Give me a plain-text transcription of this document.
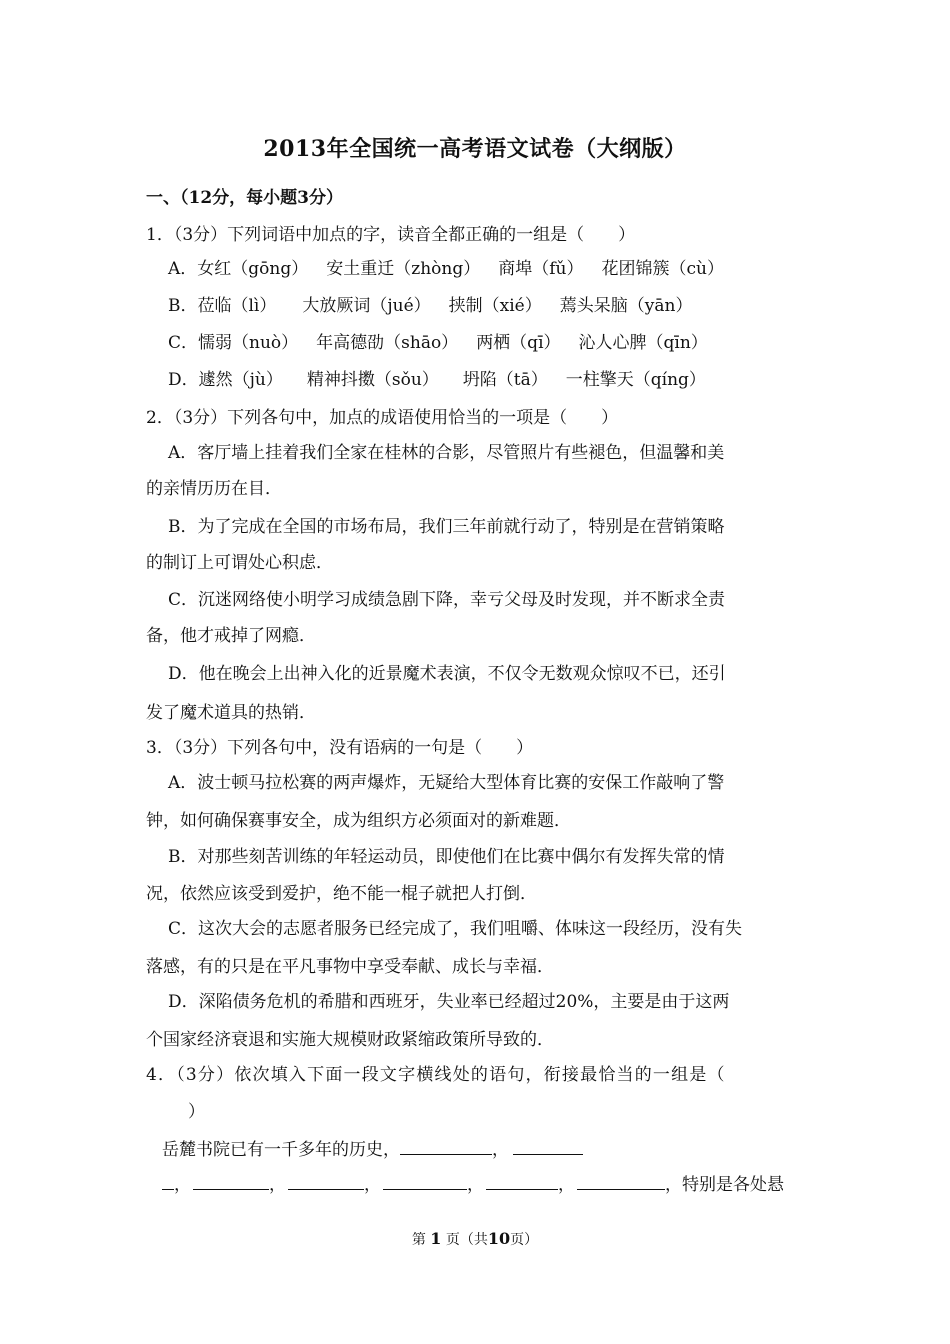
2013年全国统一高考语文试卷（大纲版）
一、（12分，每小题3分）
1．（3分）下列词语中加点的字，读音全都正确的一组是（　　）
A．女红（gōng） 安土重迁（zhòng） 商埠（fǔ） 花团锦簇（cù）
B．莅临（lì） 大放厥词（jué） 挟制（xié） 蔫头呆脑（yān）
C．懦弱（nuò） 年高德劭（shāo） 两栖（qī） 沁人心脾（qīn）
D．遽然（jù） 精神抖擞（sǒu） 坍陷（tā） 一柱擎天（qíng）
2．（3分）下列各句中，加点的成语使用恰当的一项是（　　）
A．客厅墙上挂着我们全家在桂林的合影，尽管照片有些褪色，但温馨和美
的亲情历历在目．
B．为了完成在全国的市场布局，我们三年前就行动了，特别是在营销策略
的制订上可谓处心积虑．
C．沉迷网络使小明学习成绩急剧下降，幸亏父母及时发现，并不断求全责
备，他才戒掉了网瘾．
D．他在晚会上出神入化的近景魔术表演，不仅令无数观众惊叹不已，还引
发了魔术道具的热销．
3．（3分）下列各句中，没有语病的一句是（　　）
A．波士顿马拉松赛的两声爆炸，无疑给大型体育比赛的安保工作敲响了警
钟，如何确保赛事安全，成为组织方必须面对的新难题．
B．对那些刻苦训练的年轻运动员，即使他们在比赛中偶尔有发挥失常的情
况，依然应该受到爱护，绝不能一棍子就把人打倒．
C．这次大会的志愿者服务已经完成了，我们咀嚼、体味这一段经历，没有失
落感，有的只是在平凡事物中享受奉献、成长与幸福．
D．深陷债务危机的希腊和西班牙，失业率已经超过20%，主要是由于这两
个国家经济衰退和实施大规模财政紧缩政策所导致的．
4．（3分）依次填入下面一段文字横线处的语句，衔接最恰当的一组是（
）
岳麓书院已有一千多年的历史，	，
，	，	，	，	，	，特别是各处悬
第 1 页（共10页）
